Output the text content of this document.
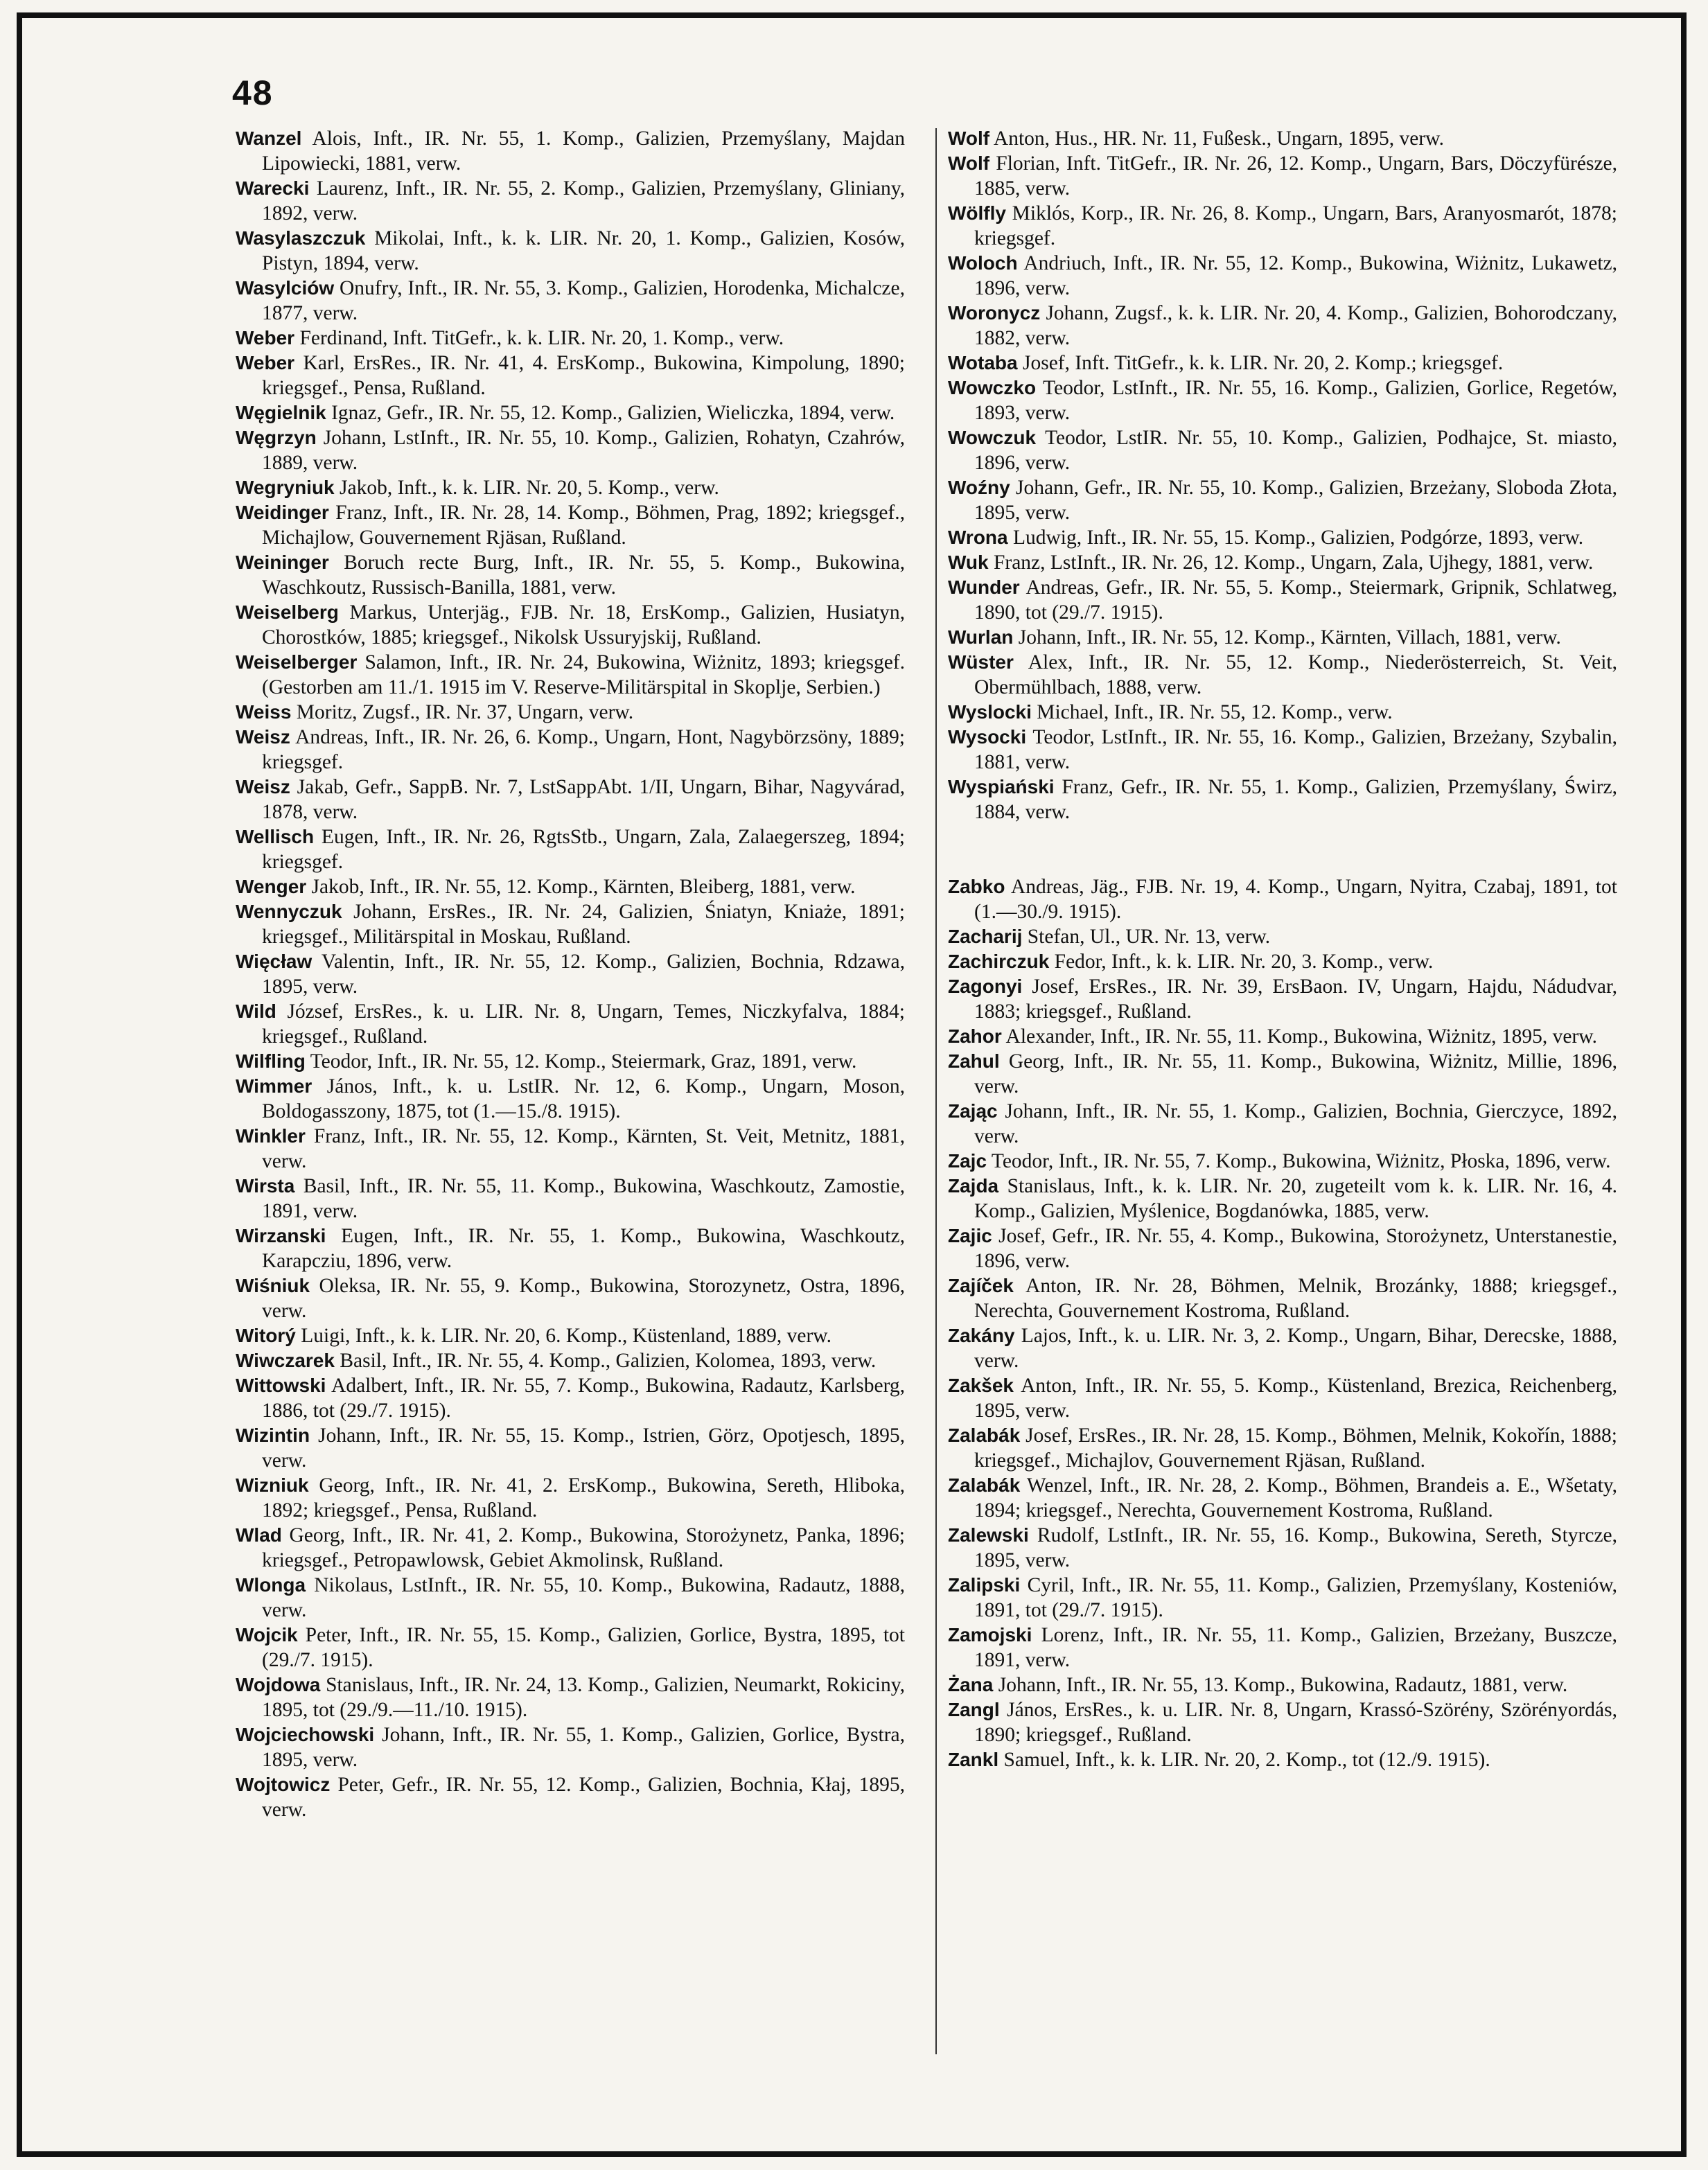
48
Wanzel Alois, Inft., IR. Nr. 55, 1. Komp., Galizien, Przemyślany, Majdan Lipowiecki, 1881, verw.
Warecki Laurenz, Inft., IR. Nr. 55, 2. Komp., Galizien, Przemyślany, Gliniany, 1892, verw.
Wasylaszczuk Mikolai, Inft., k. k. LIR. Nr. 20, 1. Komp., Galizien, Kosów, Pistyn, 1894, verw.
Wasylciów Onufry, Inft., IR. Nr. 55, 3. Komp., Galizien, Horodenka, Michalcze, 1877, verw.
Weber Ferdinand, Inft. TitGefr., k. k. LIR. Nr. 20, 1. Komp., verw.
Weber Karl, ErsRes., IR. Nr. 41, 4. ErsKomp., Bukowina, Kimpolung, 1890; kriegsgef., Pensa, Rußland.
Węgielnik Ignaz, Gefr., IR. Nr. 55, 12. Komp., Galizien, Wieliczka, 1894, verw.
Węgrzyn Johann, LstInft., IR. Nr. 55, 10. Komp., Galizien, Rohatyn, Czahrów, 1889, verw.
Wegryniuk Jakob, Inft., k. k. LIR. Nr. 20, 5. Komp., verw.
Weidinger Franz, Inft., IR. Nr. 28, 14. Komp., Böhmen, Prag, 1892; kriegsgef., Michajlow, Gouvernement Rjäsan, Rußland.
Weininger Boruch recte Burg, Inft., IR. Nr. 55, 5. Komp., Bukowina, Waschkoutz, Russisch-Banilla, 1881, verw.
Weiselberg Markus, Unterjäg., FJB. Nr. 18, ErsKomp., Galizien, Husiatyn, Chorostków, 1885; kriegsgef., Nikolsk Ussuryjskij, Rußland.
Weiselberger Salamon, Inft., IR. Nr. 24, Bukowina, Wiżnitz, 1893; kriegsgef. (Gestorben am 11./1. 1915 im V. Reserve-Militärspital in Skoplje, Serbien.)
Weiss Moritz, Zugsf., IR. Nr. 37, Ungarn, verw.
Weisz Andreas, Inft., IR. Nr. 26, 6. Komp., Ungarn, Hont, Nagybörzsöny, 1889; kriegsgef.
Weisz Jakab, Gefr., SappB. Nr. 7, LstSappAbt. 1/II, Ungarn, Bihar, Nagyvárad, 1878, verw.
Wellisch Eugen, Inft., IR. Nr. 26, RgtsStb., Ungarn, Zala, Zalaegerszeg, 1894; kriegsgef.
Wenger Jakob, Inft., IR. Nr. 55, 12. Komp., Kärnten, Bleiberg, 1881, verw.
Wennyczuk Johann, ErsRes., IR. Nr. 24, Galizien, Śniatyn, Kniaże, 1891; kriegsgef., Militärspital in Moskau, Rußland.
Więcław Valentin, Inft., IR. Nr. 55, 12. Komp., Galizien, Bochnia, Rdzawa, 1895, verw.
Wild József, ErsRes., k. u. LIR. Nr. 8, Ungarn, Temes, Niczkyfalva, 1884; kriegsgef., Rußland.
Wilfling Teodor, Inft., IR. Nr. 55, 12. Komp., Steiermark, Graz, 1891, verw.
Wimmer János, Inft., k. u. LstIR. Nr. 12, 6. Komp., Ungarn, Moson, Boldogasszony, 1875, tot (1.—15./8. 1915).
Winkler Franz, Inft., IR. Nr. 55, 12. Komp., Kärnten, St. Veit, Metnitz, 1881, verw.
Wirsta Basil, Inft., IR. Nr. 55, 11. Komp., Bukowina, Waschkoutz, Zamostie, 1891, verw.
Wirzanski Eugen, Inft., IR. Nr. 55, 1. Komp., Bukowina, Waschkoutz, Karapcziu, 1896, verw.
Wiśniuk Oleksa, IR. Nr. 55, 9. Komp., Bukowina, Storozynetz, Ostra, 1896, verw.
Witorý Luigi, Inft., k. k. LIR. Nr. 20, 6. Komp., Küstenland, 1889, verw.
Wiwczarek Basil, Inft., IR. Nr. 55, 4. Komp., Galizien, Kolomea, 1893, verw.
Wittowski Adalbert, Inft., IR. Nr. 55, 7. Komp., Bukowina, Radautz, Karlsberg, 1886, tot (29./7. 1915).
Wizintin Johann, Inft., IR. Nr. 55, 15. Komp., Istrien, Görz, Opotjesch, 1895, verw.
Wizniuk Georg, Inft., IR. Nr. 41, 2. ErsKomp., Bukowina, Sereth, Hliboka, 1892; kriegsgef., Pensa, Rußland.
Wlad Georg, Inft., IR. Nr. 41, 2. Komp., Bukowina, Storożynetz, Panka, 1896; kriegsgef., Petropawlowsk, Gebiet Akmolinsk, Rußland.
Wlonga Nikolaus, LstInft., IR. Nr. 55, 10. Komp., Bukowina, Radautz, 1888, verw.
Wojcik Peter, Inft., IR. Nr. 55, 15. Komp., Galizien, Gorlice, Bystra, 1895, tot (29./7. 1915).
Wojdowa Stanislaus, Inft., IR. Nr. 24, 13. Komp., Galizien, Neumarkt, Rokiciny, 1895, tot (29./9.—11./10. 1915).
Wojciechowski Johann, Inft., IR. Nr. 55, 1. Komp., Galizien, Gorlice, Bystra, 1895, verw.
Wojtowicz Peter, Gefr., IR. Nr. 55, 12. Komp., Galizien, Bochnia, Kłaj, 1895, verw.
Wolf Anton, Hus., HR. Nr. 11, Fußesk., Ungarn, 1895, verw.
Wolf Florian, Inft. TitGefr., IR. Nr. 26, 12. Komp., Ungarn, Bars, Döczyfürésze, 1885, verw.
Wölfly Miklós, Korp., IR. Nr. 26, 8. Komp., Ungarn, Bars, Aranyosmarót, 1878; kriegsgef.
Woloch Andriuch, Inft., IR. Nr. 55, 12. Komp., Bukowina, Wiżnitz, Lukawetz, 1896, verw.
Woronycz Johann, Zugsf., k. k. LIR. Nr. 20, 4. Komp., Galizien, Bohorodczany, 1882, verw.
Wotaba Josef, Inft. TitGefr., k. k. LIR. Nr. 20, 2. Komp.; kriegsgef.
Wowczko Teodor, LstInft., IR. Nr. 55, 16. Komp., Galizien, Gorlice, Regetów, 1893, verw.
Wowczuk Teodor, LstIR. Nr. 55, 10. Komp., Galizien, Podhajce, St. miasto, 1896, verw.
Woźny Johann, Gefr., IR. Nr. 55, 10. Komp., Galizien, Brzeżany, Sloboda Złota, 1895, verw.
Wrona Ludwig, Inft., IR. Nr. 55, 15. Komp., Galizien, Podgórze, 1893, verw.
Wuk Franz, LstInft., IR. Nr. 26, 12. Komp., Ungarn, Zala, Ujhegy, 1881, verw.
Wunder Andreas, Gefr., IR. Nr. 55, 5. Komp., Steiermark, Gripnik, Schlatweg, 1890, tot (29./7. 1915).
Wurlan Johann, Inft., IR. Nr. 55, 12. Komp., Kärnten, Villach, 1881, verw.
Wüster Alex, Inft., IR. Nr. 55, 12. Komp., Niederösterreich, St. Veit, Obermühlbach, 1888, verw.
Wyslocki Michael, Inft., IR. Nr. 55, 12. Komp., verw.
Wysocki Teodor, LstInft., IR. Nr. 55, 16. Komp., Galizien, Brzeżany, Szybalin, 1881, verw.
Wyspiański Franz, Gefr., IR. Nr. 55, 1. Komp., Galizien, Przemyślany, Świrz, 1884, verw.
Zabko Andreas, Jäg., FJB. Nr. 19, 4. Komp., Ungarn, Nyitra, Czabaj, 1891, tot (1.—30./9. 1915).
Zacharij Stefan, Ul., UR. Nr. 13, verw.
Zachirczuk Fedor, Inft., k. k. LIR. Nr. 20, 3. Komp., verw.
Zagonyi Josef, ErsRes., IR. Nr. 39, ErsBaon. IV, Ungarn, Hajdu, Nádudvar, 1883; kriegsgef., Rußland.
Zahor Alexander, Inft., IR. Nr. 55, 11. Komp., Bukowina, Wiżnitz, 1895, verw.
Zahul Georg, Inft., IR. Nr. 55, 11. Komp., Bukowina, Wiżnitz, Millie, 1896, verw.
Zając Johann, Inft., IR. Nr. 55, 1. Komp., Galizien, Bochnia, Gierczyce, 1892, verw.
Zajc Teodor, Inft., IR. Nr. 55, 7. Komp., Bukowina, Wiżnitz, Płoska, 1896, verw.
Zajda Stanislaus, Inft., k. k. LIR. Nr. 20, zugeteilt vom k. k. LIR. Nr. 16, 4. Komp., Galizien, Myślenice, Bogdanówka, 1885, verw.
Zajic Josef, Gefr., IR. Nr. 55, 4. Komp., Bukowina, Storożynetz, Unterstanestie, 1896, verw.
Zajíček Anton, IR. Nr. 28, Böhmen, Melnik, Brozánky, 1888; kriegsgef., Nerechta, Gouvernement Kostroma, Rußland.
Zakány Lajos, Inft., k. u. LIR. Nr. 3, 2. Komp., Ungarn, Bihar, Derecske, 1888, verw.
Zakšek Anton, Inft., IR. Nr. 55, 5. Komp., Küstenland, Brezica, Reichenberg, 1895, verw.
Zalabák Josef, ErsRes., IR. Nr. 28, 15. Komp., Böhmen, Melnik, Kokořín, 1888; kriegsgef., Michajlov, Gouvernement Rjäsan, Rußland.
Zalabák Wenzel, Inft., IR. Nr. 28, 2. Komp., Böhmen, Brandeis a. E., Wšetaty, 1894; kriegsgef., Nerechta, Gouvernement Kostroma, Rußland.
Zalewski Rudolf, LstInft., IR. Nr. 55, 16. Komp., Bukowina, Sereth, Styrcze, 1895, verw.
Zalipski Cyril, Inft., IR. Nr. 55, 11. Komp., Galizien, Przemyślany, Kosteniów, 1891, tot (29./7. 1915).
Zamojski Lorenz, Inft., IR. Nr. 55, 11. Komp., Galizien, Brzeżany, Buszcze, 1891, verw.
Żana Johann, Inft., IR. Nr. 55, 13. Komp., Bukowina, Radautz, 1881, verw.
Zangl János, ErsRes., k. u. LIR. Nr. 8, Ungarn, Krassó-Szörény, Szörényordás, 1890; kriegsgef., Rußland.
Zankl Samuel, Inft., k. k. LIR. Nr. 20, 2. Komp., tot (12./9. 1915).
